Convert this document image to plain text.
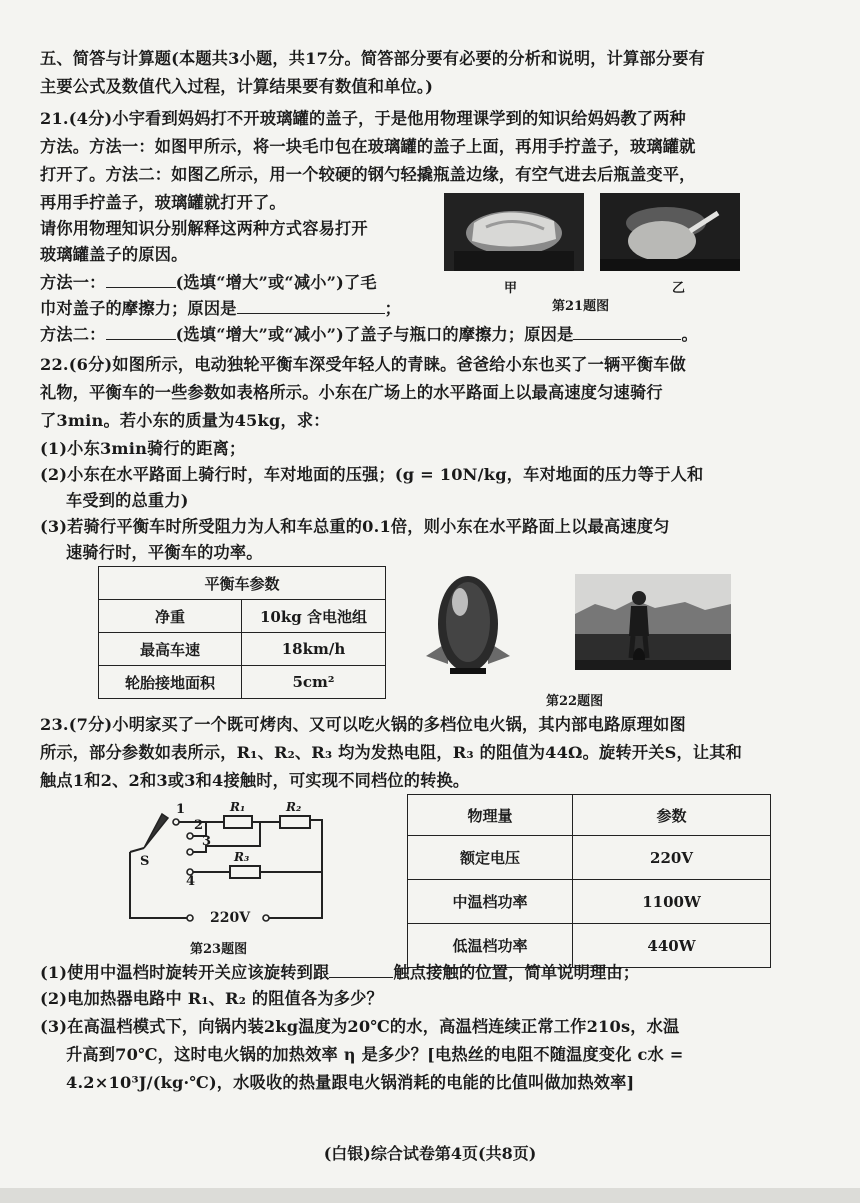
五、简答与计算题(本题共3小题，共17分。简答部分要有必要的分析和说明，计算部分要有
主要公式及数值代入过程，计算结果要有数值和单位。)
21.(4分)小宇看到妈妈打不开玻璃罐的盖子，于是他用物理课学到的知识给妈妈教了两种
方法。方法一：如图甲所示，将一块毛巾包在玻璃罐的盖子上面，再用手拧盖子，玻璃罐就
打开了。方法二：如图乙所示，用一个较硬的钢勺轻撬瓶盖边缘，有空气进去后瓶盖变平，
再用手拧盖子，玻璃罐就打开了。
请你用物理知识分别解释这两种方式容易打开
玻璃罐盖子的原因。
方法一：	(选填“增大”或“减小”)了毛
巾对盖子的摩擦力；原因是	；
方法二：	(选填“增大”或“减小”)了盖子与瓶口的摩擦力；原因是	。
甲	乙
第21题图
22.(6分)如图所示，电动独轮平衡车深受年轻人的青睐。爸爸给小东也买了一辆平衡车做
礼物，平衡车的一些参数如表格所示。小东在广场上的水平路面上以最高速度匀速骑行
了3min。若小东的质量为45kg，求：
(1)小东3min骑行的距离；
(2)小东在水平路面上骑行时，车对地面的压强；(g = 10N/kg，车对地面的压力等于人和
车受到的总重力)
(3)若骑行平衡车时所受阻力为人和车总重的0.1倍，则小东在水平路面上以最高速度匀
速骑行时，平衡车的功率。
平衡车参数	
净重	10kg 含电池组
最高车速	18km/h
轮胎接地面积	5cm²
第22题图
23.(7分)小明家买了一个既可烤肉、又可以吃火锅的多档位电火锅，其内部电路原理如图
所示，部分参数如表所示，R₁、R₂、R₃ 均为发热电阻，R₃ 的阻值为44Ω。旋转开关S，让其和
触点1和2、2和3或3和4接触时，可实现不同档位的转换。
1
2
3
4
R₁	R₂
R₃
S
220V
第23题图
物理量	参数
额定电压	220V
中温档功率	1100W
低温档功率	440W
(1)使用中温档时旋转开关应该旋转到跟	触点接触的位置，简单说明理由；
(2)电加热器电路中 R₁、R₂ 的阻值各为多少？
(3)在高温档模式下，向锅内装2kg温度为20℃的水，高温档连续正常工作210s，水温
升高到70℃，这时电火锅的加热效率 η 是多少？[电热丝的电阻不随温度变化 c水 =
4.2×10³J/(kg·℃)，水吸收的热量跟电火锅消耗的电能的比值叫做加热效率]
(白银)综合试卷第4页(共8页)
